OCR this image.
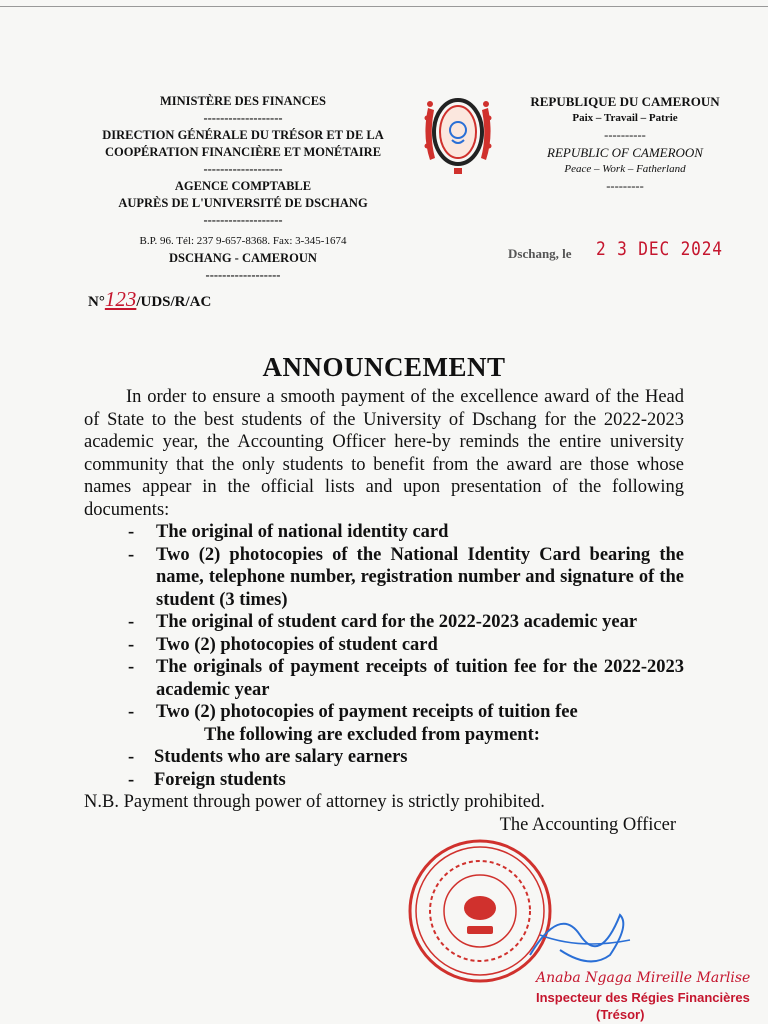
MINISTÈRE DES FINANCES
-------------------
DIRECTION GÉNÉRALE DU TRÉSOR ET DE LA
COOPÉRATION FINANCIÈRE ET MONÉTAIRE
-------------------
AGENCE COMPTABLE
AUPRÈS DE L'UNIVERSITÉ DE DSCHANG
-------------------
B.P. 96. Tél: 237 9-657-8368. Fax: 3-345-1674
DSCHANG - CAMEROUN
------------------
REPUBLIQUE DU CAMEROUN
Paix – Travail – Patrie
----------
REPUBLIC OF CAMEROON
Peace – Work – Fatherland
---------
Dschang, le 2 3 DEC 2024
N°123/UDS/R/AC
ANNOUNCEMENT

In order to ensure a smooth payment of the excellence award of the Head of State to the best students of the University of Dschang for the 2022-2023 academic year, the Accounting Officer here-by reminds the entire university community that the only students to benefit from the award are those whose names appear in the official lists and upon presentation of the following documents:

- The original of national identity card
- Two (2) photocopies of the National Identity Card bearing the name, telephone number, registration number and signature of the student (3 times)
- The original of student card for the 2022-2023 academic year
- Two (2) photocopies of student card
- The originals of payment receipts of tuition fee for the 2022-2023 academic year
- Two (2) photocopies of payment receipts of tuition fee
The following are excluded from payment:
- Students who are salary earners
- Foreign students

N.B. Payment through power of attorney is strictly prohibited.

The Accounting Officer
Anaba Ngaga Mireille Marlise
Inspecteur des Régies Financières
(Trésor)
